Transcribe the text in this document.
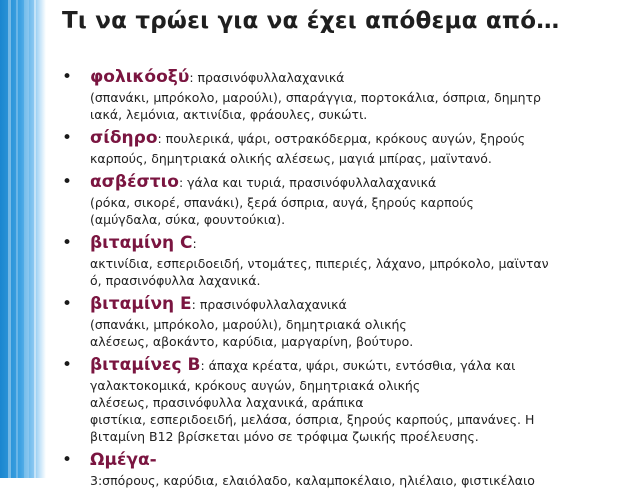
Τι να τρώει για να έχει απόθεμα από…
• φολικόοξύ: πρασινόφυλλαλαχανικά
(σπανάκι, μπρόκολο, μαρούλι), σπαράγγια, πορτοκάλια, όσπρια, δημητρ
ιακά, λεμόνια, ακτινίδια, φράουλες, συκώτι.
• σίδηρο: πουλερικά, ψάρι, οστρακόδερμα, κρόκους αυγών, ξηρούς
καρπούς, δημητριακά ολικής αλέσεως, μαγιά μπίρας, μαϊντανό.
• ασβέστιο: γάλα και τυριά, πρασινόφυλλαλαχανικά
(ρόκα, σικορέ, σπανάκι), ξερά όσπρια, αυγά, ξηρούς καρπούς
(αμύγδαλα, σύκα, φουντούκια).
• βιταμίνη C:
ακτινίδια, εσπεριδοειδή, ντομάτες, πιπεριές, λάχανο, μπρόκολο, μαϊνταν
ό, πρασινόφυλλα λαχανικά.
• βιταμίνη Ε: πρασινόφυλλαλαχανικά
(σπανάκι, μπρόκολο, μαρούλι), δημητριακά ολικής
αλέσεως, αβοκάντο, καρύδια, μαργαρίνη, βούτυρο.
• βιταμίνες Β: άπαχα κρέατα, ψάρι, συκώτι, εντόσθια, γάλα και
γαλακτοκομικά, κρόκους αυγών, δημητριακά ολικής
αλέσεως, πρασινόφυλλα λαχανικά, αράπικα
φιστίκια, εσπεριδοειδή, μελάσα, όσπρια, ξηρούς καρπούς, μπανάνες. Η
βιταμίνη Β12 βρίσκεται μόνο σε τρόφιμα ζωικής προέλευσης.
• Ωμέγα-
3:σπόρους, καρύδια, ελαιόλαδο, καλαμποκέλαιο, ηλιέλαιο, φιστικέλαιο
